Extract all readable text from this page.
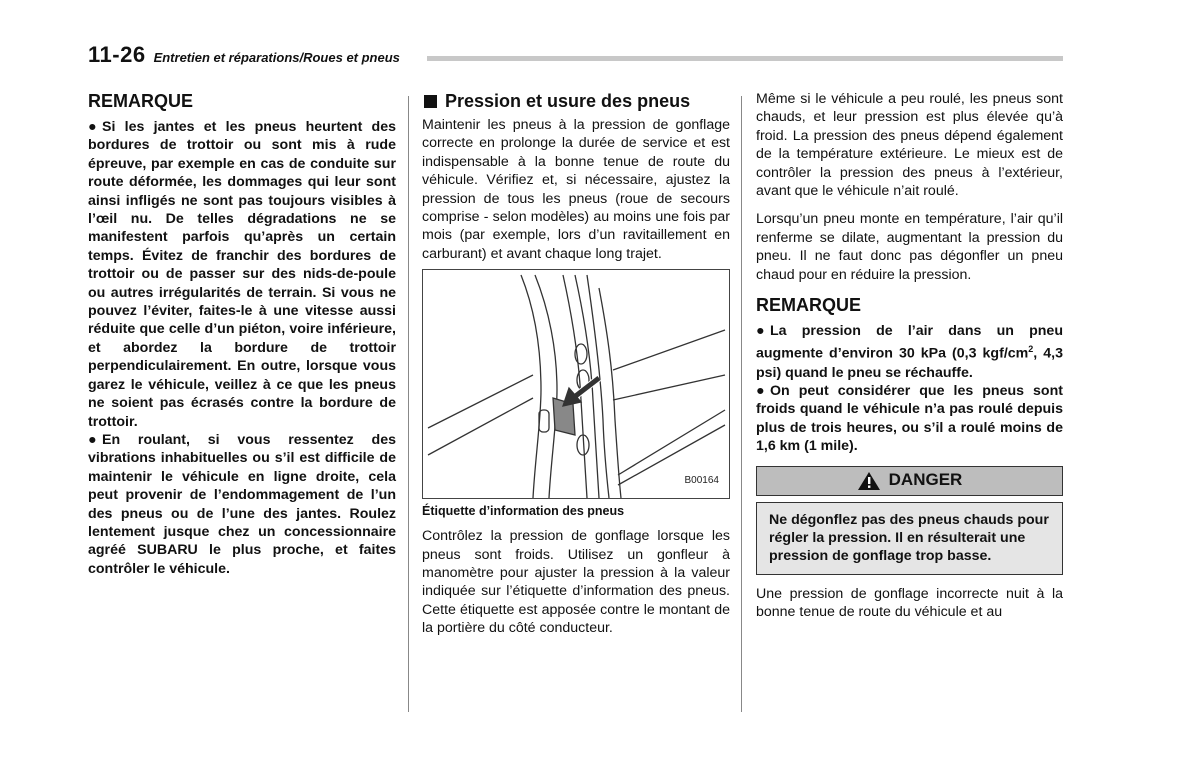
11-26 Entretien et réparations/Roues et pneus
REMARQUE

● Si les jantes et les pneus heurtent des bordures de trottoir ou sont mis à rude épreuve, par exemple en cas de conduite sur route déformée, les dommages qui leur sont ainsi infligés ne sont pas toujours visibles à l’œil nu. De telles dégradations ne se manifestent parfois qu’après un certain temps. Évitez de franchir des bordures de trottoir ou de passer sur des nids-de-poule ou autres irrégularités de terrain. Si vous ne pouvez l’éviter, faites-le à une vitesse aussi réduite que celle d’un piéton, voire inférieure, et abordez la bordure de trottoir perpendiculairement. En outre, lorsque vous garez le véhicule, veillez à ce que les pneus ne soient pas écrasés contre la bordure de trottoir.

● En roulant, si vous ressentez des vibrations inhabituelles ou s’il est difficile de maintenir le véhicule en ligne droite, cela peut provenir de l’endommagement de l’un des pneus ou de l’une des jantes. Roulez lentement jusque chez un concessionnaire agréé SUBARU le plus proche, et faites contrôler le véhicule.

Pression et usure des pneus

Maintenir les pneus à la pression de gonflage correcte en prolonge la durée de service et est indispensable à la bonne tenue de route du véhicule. Vérifiez et, si nécessaire, ajustez la pression de tous les pneus (roue de secours comprise - selon modèles) au moins une fois par mois (par exemple, lors d’un ravitaillement en carburant) et avant chaque long trajet.

B00164
Étiquette d’information des pneus

Contrôlez la pression de gonflage lorsque les pneus sont froids. Utilisez un gonfleur à manomètre pour ajuster la pression à la valeur indiquée sur l’étiquette d’information des pneus. Cette étiquette est apposée contre le montant de la portière du côté conducteur.

Même si le véhicule a peu roulé, les pneus sont chauds, et leur pression est plus élevée qu’à froid. La pression des pneus dépend également de la température extérieure. Le mieux est de contrôler la pression des pneus à l’extérieur, avant que le véhicule n’ait roulé.

Lorsqu’un pneu monte en température, l’air qu’il renferme se dilate, augmentant la pression du pneu. Il ne faut donc pas dégonfler un pneu chaud pour en réduire la pression.

REMARQUE

● La pression de l’air dans un pneu augmente d’environ 30 kPa (0,3 kgf/$cm^2$, 4,3 psi) quand le pneu se réchauffe.

● On peut considérer que les pneus sont froids quand le véhicule n’a pas roulé depuis plus de trois heures, ou s’il a roulé moins de 1,6 km (1 mile).

DANGER
Ne dégonflez pas des pneus chauds pour régler la pression. Il en résulterait une pression de gonflage trop basse.

Une pression de gonflage incorrecte nuit à la bonne tenue de route du véhicule et au
